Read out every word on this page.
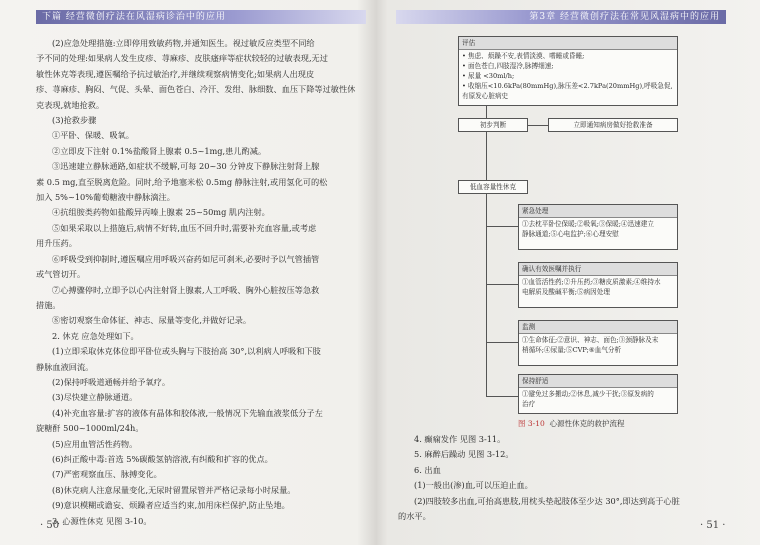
下篇 经营微创疗法在风湿病诊治中的应用	第3章 经营微创疗法在常见风湿病中的应用

(2)应急处理措施:立即停用致敏药物,并通知医生。视过敏反应类型不同给

予不同的处理:如果病人发生皮疹、荨麻疹、皮肤瘙痒等症状较轻的过敏表现,无过

敏性休克等表现,遵医嘱给予抗过敏治疗,并继续观察病情变化;如果病人出现皮

疹、荨麻疹、胸闷、气促、头晕、面色苍白、冷汗、发绀、脉细数、血压下降等过敏性休

克表现,就地抢救。

(3)抢救步骤

①平卧、保暖、吸氧。

②立即皮下注射 0.1%盐酸肾上腺素 0.5~1mg,患儿酌减。

③迅速建立静脉通路,如症状不缓解,可每 20~30 分钟皮下静脉注射肾上腺

素 0.5 mg,直至脱离危险。同时,给予地塞米松 0.5mg 静脉注射,或用氢化可的松

加入 5%~10%葡萄糖液中静脉滴注。

④抗组胺类药物如盐酸异丙嗪上腺素 25~50mg 肌内注射。

⑤如果采取以上措施后,病情不好转,血压不回升时,需要补充血容量,或考虑

用升压药。

⑥呼吸受到抑制时,遵医嘱应用呼吸兴奋药如尼可刹米,必要时予以气管插管

或气管切开。

⑦心搏骤停时,立即予以心内注射肾上腺素,人工呼吸、胸外心脏按压等急救

措施。

⑧密切观察生命体征、神志、尿量等变化,并做好记录。

2. 休克 应急处理如下。

(1)立即采取休克体位即平卧位或头胸与下肢抬高 30°,以利病人呼吸和下肢

静脉血液回流。

(2)保持呼吸道通畅并给予氧疗。

(3)尽快建立静脉通道。

(4)补充血容量:扩容的液体有晶体和胶体液,一般情况下先输血液浆低分子左

旋糖酐 500~1000ml/24h。

(5)应用血管活性药物。

(6)纠正酸中毒:首选 5%碳酸氢钠溶液,有纠酸和扩容的优点。

(7)严密观察血压、脉搏变化。

(8)休克病人注意尿量变化,无尿时留置尿管并严格记录每小时尿量。

(9)意识模糊或谵妄、烦躁者应适当约束,加用床栏保护,防止坠地。

3. 心源性休克 见图 3-10。

· 50 ·
评估
• 焦虑、烦躁不安,表情淡漠、嗜睡或昏睡;
• 面色苍白,四肢湿冷,脉搏细速;
• 尿量 <30ml/h;
• 收缩压<10.6kPa(80mmHg),脉压差<2.7kPa(20mmHg),呼吸急促,
有原发心脏病史
初步判断	立即通知病房做好抢救准备
低血容量性休克
紧急处理
①去枕平卧位保暖;②吸氧;③保暖;④迅速建立
静脉通道;⑤心电监护;⑥心理安慰
确认有效医嘱并执行
①血管活性药;②升压药;③糖皮质激素;④维持水
电解质及酸碱平衡;⑤病因处理
监测
①生命体征;②意识、神志、面色;③颈静脉及末
梢循环;④尿量;⑤CVP;⑥血气分析
保持舒适
①避免过多搬动;②休息,减少干扰;③原发病的
治疗
图 3-10 心源性休克的救护流程

4. 癫痫发作 见图 3-11。

5. 麻醉后躁动 见图 3-12。

6. 出血

(1)一般出(渗)血,可以压迫止血。

(2)四肢较多出血,可抬高患肢,用枕头垫起肢体至少达 30°,即达到高于心脏

的水平。

· 51 ·
